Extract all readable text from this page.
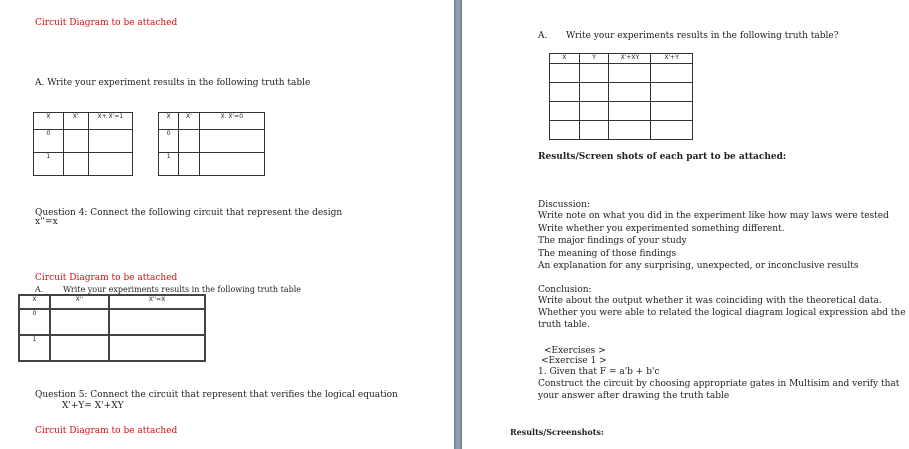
Circuit Diagram to be attached
A. Write your experiment results in the following truth table
X	X'	X+ X'=1
0		
1		
X	X'	X. X'=0
0		
1		
Question 4: Connect the following circuit that represent the design
x''=x
Circuit Diagram to be attached
A. Write your experiments results in the following truth table
X	X''	X''=X
0		
1		
Question 5: Connect the circuit that represent that verifies the logical equation
X'+Y= X'+XY
Circuit Diagram to be attached
A. Write your experiments results in the following truth table?
X	Y	X'+XY	X'+Y

Results/Screen shots of each part to be attached:
Discussion:
Write note on what you did in the experiment like how may laws were tested
Write whether you experimented something different.
The major findings of your study
The meaning of those findings
An explanation for any surprising, unexpected, or inconclusive results
Conclusion:
Write about the output whether it was coinciding with the theoretical data.
Whether you were able to related the logical diagram logical expression abd the
truth table.
<Exercises >
<Exercise 1 >
1. Given that F = a'b + b'c
Construct the circuit by choosing appropriate gates in Multisim and verify that
your answer after drawing the truth table
Results/Screenshots:
